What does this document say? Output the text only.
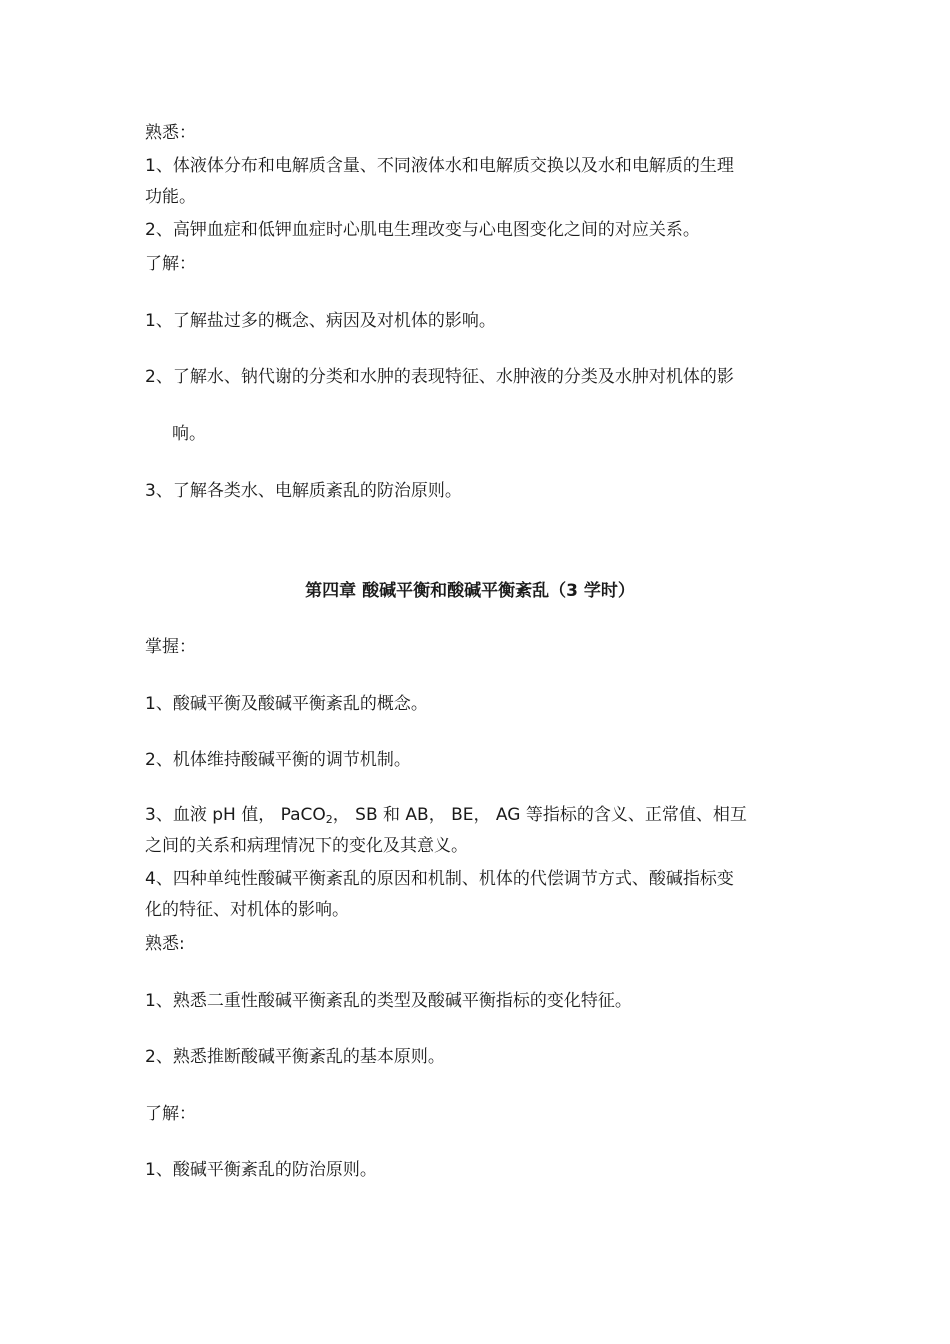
熟悉：
1、体液体分布和电解质含量、不同液体水和电解质交换以及水和电解质的生理
功能。
2、高钾血症和低钾血症时心肌电生理改变与心电图变化之间的对应关系。
了解：
1、了解盐过多的概念、病因及对机体的影响。
2、了解水、钠代谢的分类和水肿的表现特征、水肿液的分类及水肿对机体的影
响。
3、了解各类水、电解质紊乱的防治原则。
第四章 酸碱平衡和酸碱平衡紊乱（3 学时）
掌握：
1、酸碱平衡及酸碱平衡紊乱的概念。
2、机体维持酸碱平衡的调节机制。
3、血液 pH 值， PaCO$_2$， SB 和 AB， BE， AG 等指标的含义、正常值、相互
之间的关系和病理情况下的变化及其意义。
4、四种单纯性酸碱平衡紊乱的原因和机制、机体的代偿调节方式、酸碱指标变
化的特征、对机体的影响。
熟悉:
1、熟悉二重性酸碱平衡紊乱的类型及酸碱平衡指标的变化特征。
2、熟悉推断酸碱平衡紊乱的基本原则。
了解：
1、酸碱平衡紊乱的防治原则。
